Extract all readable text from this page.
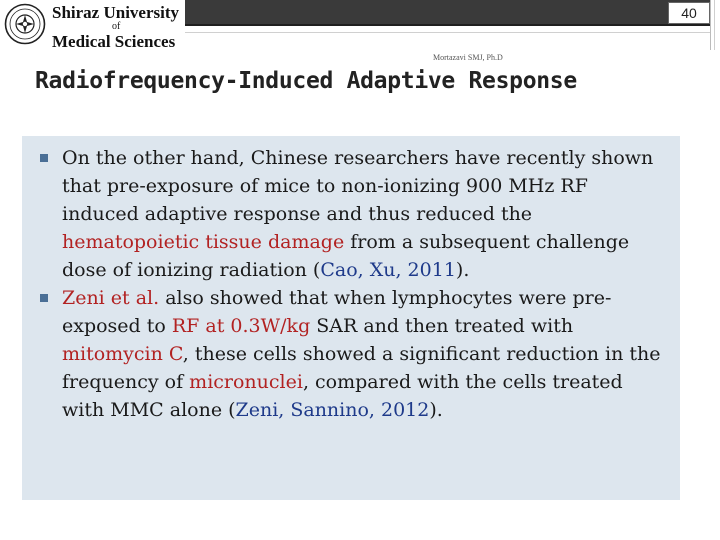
Shiraz University
of
Medical Sciences
40
Mortazavi SMJ, Ph.D
Radiofrequency-Induced Adaptive Response

On the other hand, Chinese researchers have recently shown that pre-exposure of mice to non-ionizing 900 MHz RF induced adaptive response and thus reduced the hematopoietic tissue damage from a subsequent challenge dose of ionizing radiation (Cao, Xu, 2011).

Zeni et al. also showed that when lymphocytes were pre-exposed to RF at 0.3W/kg SAR and then treated with mitomycin C, these cells showed a significant reduction in the frequency of micronuclei, compared with the cells treated with MMC alone (Zeni, Sannino, 2012).
